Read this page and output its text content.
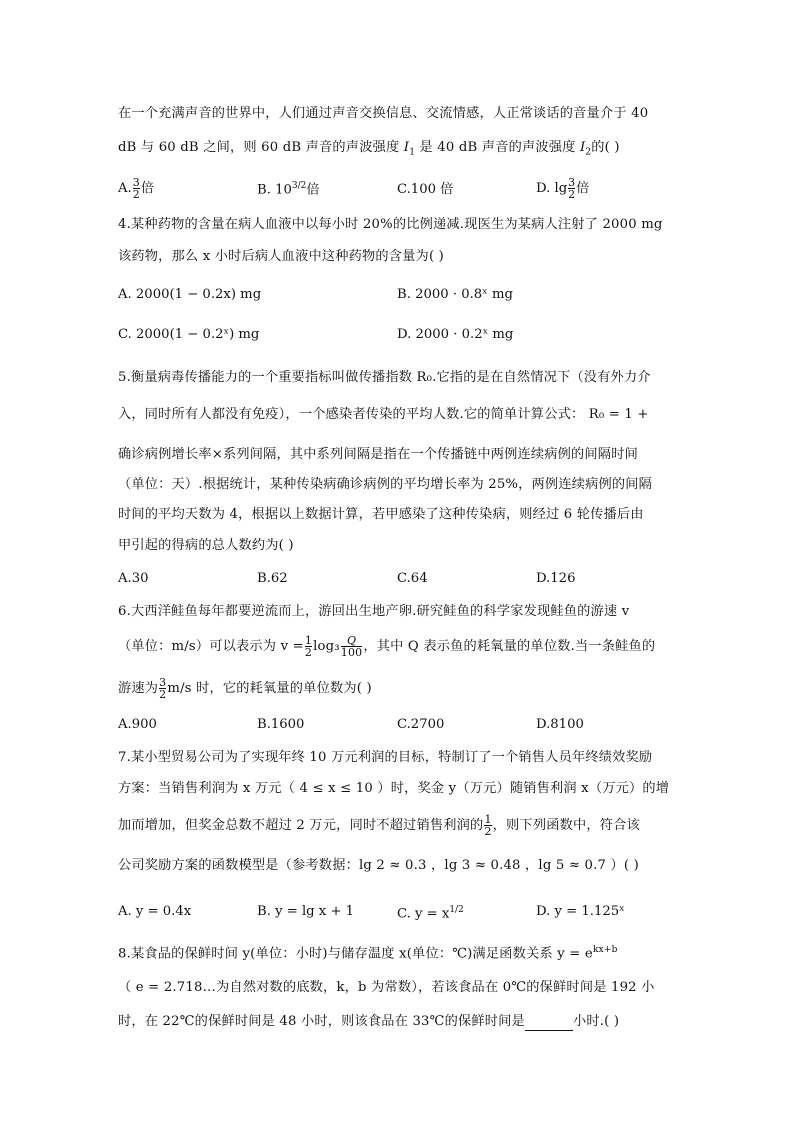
在一个充满声音的世界中，人们通过声音交换信息、交流情感，人正常谈话的音量介于 40
dB 与 60 dB 之间，则 60 dB 声音的声波强度 $I_1$ 是 40 dB 声音的声波强度 $I_2$的( )
A. $\frac{3}{2}$ 倍	B. $10^{3/2}$倍	C.100 倍	D. $\lg \frac{3}{2}$ 倍
4.某种药物的含量在病人血液中以每小时 20%的比例递减.现医生为某病人注射了 2000 mg
该药物，那么 x 小时后病人血液中这种药物的含量为( )
A. 2000(1 − 0.2x) mg	B. 2000 · 0.8ˣ mg
C. 2000(1 − 0.2ˣ) mg	D. 2000 · 0.2ˣ mg
5.衡量病毒传播能力的一个重要指标叫做传播指数 R₀.它指的是在自然情况下（没有外力介
入，同时所有人都没有免疫），一个感染者传染的平均人数.它的简单计算公式： R₀ = 1 +
确诊病例增长率×系列间隔，其中系列间隔是指在一个传播链中两例连续病例的间隔时间
（单位：天）.根据统计，某种传染病确诊病例的平均增长率为 25%，两例连续病例的间隔
时间的平均天数为 4，根据以上数据计算，若甲感染了这种传染病，则经过 6 轮传播后由
甲引起的得病的总人数约为( )
A.30	B.62	C.64	D.126
6.大西洋鲑鱼每年都要逆流而上，游回出生地产卵.研究鲑鱼的科学家发现鲑鱼的游速 v
（单位：m/s）可以表示为 $v = \frac{1}{2} \log_3 \frac{Q}{100}$ ，其中 Q 表示鱼的耗氧量的单位数.当一条鲑鱼的
游速为 $\frac{3}{2} m/s$ 时，它的耗氧量的单位数为( )
A.900	B.1600	C.2700	D.8100
7.某小型贸易公司为了实现年终 10 万元利润的目标，特制订了一个销售人员年终绩效奖励
方案：当销售利润为 x 万元（ 4 ≤ x ≤ 10 ）时，奖金 y（万元）随销售利润 x（万元）的增
加而增加，但奖金总数不超过 2 万元，同时不超过销售利润的 $\frac{1}{2}$ ，则下列函数中，符合该
公司奖励方案的函数模型是（参考数据：lg 2 ≈ 0.3 ，lg 3 ≈ 0.48 ，lg 5 ≈ 0.7 ）( )
A. y = 0.4x	B. y = lg x + 1	C. $y = x^{1/2}$	D. y = 1.125ˣ
8.某食品的保鲜时间 y(单位：小时)与储存温度 x(单位：℃)满足函数关系 $y = e^{kx+b}$
（ e = 2.718…为自然对数的底数，k，b 为常数），若该食品在 0℃的保鲜时间是 192 小
时，在 22℃的保鲜时间是 48 小时，则该食品在 33℃的保鲜时间是	小时.( )
